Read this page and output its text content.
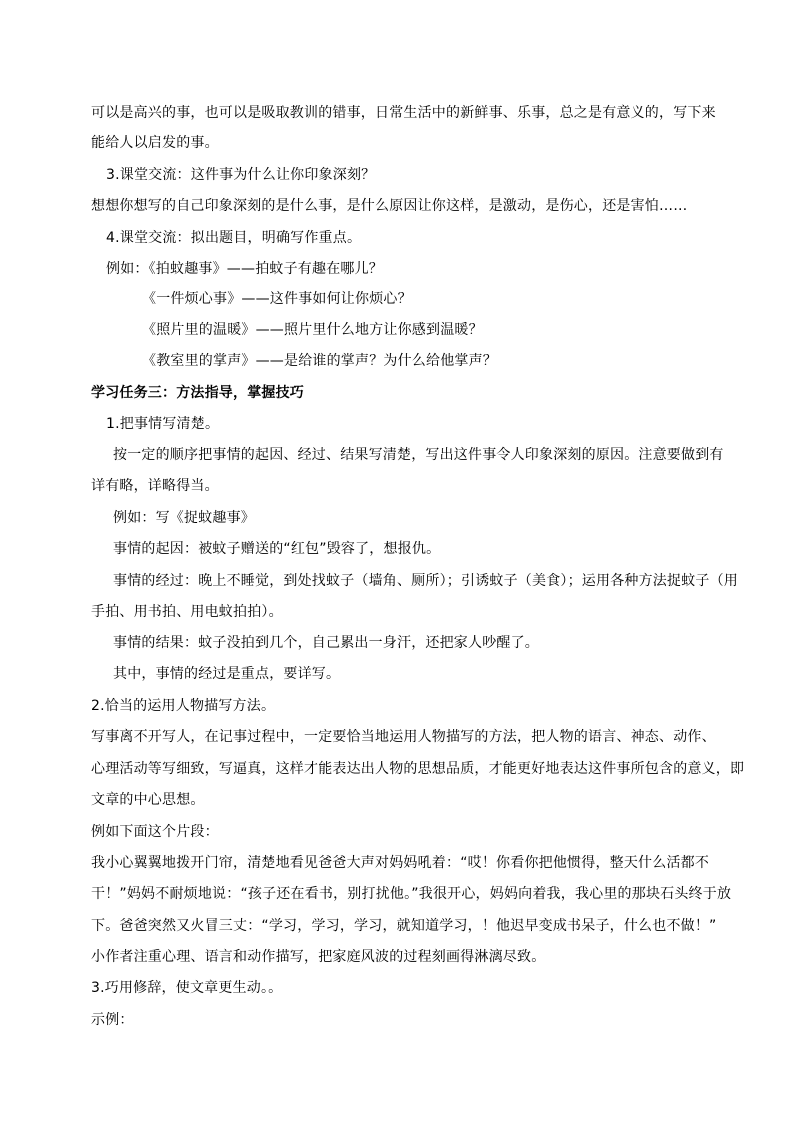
可以是高兴的事，也可以是吸取教训的错事，日常生活中的新鲜事、乐事，总之是有意义的，写下来
能给人以启发的事。
3.课堂交流：这件事为什么让你印象深刻？
想想你想写的自己印象深刻的是什么事，是什么原因让你这样，是激动，是伤心，还是害怕……
4.课堂交流：拟出题目，明确写作重点。
例如：《拍蚊趣事》——拍蚊子有趣在哪儿？
《一件烦心事》——这件事如何让你烦心？
《照片里的温暖》——照片里什么地方让你感到温暖？
《教室里的掌声》——是给谁的掌声？为什么给他掌声？
学习任务三：方法指导，掌握技巧
1.把事情写清楚。
按一定的顺序把事情的起因、经过、结果写清楚，写出这件事令人印象深刻的原因。注意要做到有
详有略，详略得当。
例如：写《捉蚊趣事》
事情的起因：被蚊子赠送的“红包”毁容了，想报仇。
事情的经过：晚上不睡觉，到处找蚊子（墙角、厕所）；引诱蚊子（美食）；运用各种方法捉蚊子（用
手拍、用书拍、用电蚊拍拍）。
事情的结果：蚊子没拍到几个，自己累出一身汗，还把家人吵醒了。
其中，事情的经过是重点，要详写。
2.恰当的运用人物描写方法。
写事离不开写人，在记事过程中，一定要恰当地运用人物描写的方法，把人物的语言、神态、动作、
心理活动等写细致，写逼真，这样才能表达出人物的思想品质，才能更好地表达这件事所包含的意义，即
文章的中心思想。
例如下面这个片段：
我小心翼翼地拨开门帘，清楚地看见爸爸大声对妈妈吼着：“哎！你看你把他惯得，整天什么活都不
干！”妈妈不耐烦地说：“孩子还在看书，别打扰他。”我很开心，妈妈向着我，我心里的那块石头终于放
下。爸爸突然又火冒三丈：“学习，学习，学习，就知道学习，！他迟早变成书呆子，什么也不做！”
小作者注重心理、语言和动作描写，把家庭风波的过程刻画得淋漓尽致。
3.巧用修辞，使文章更生动。。
示例：
